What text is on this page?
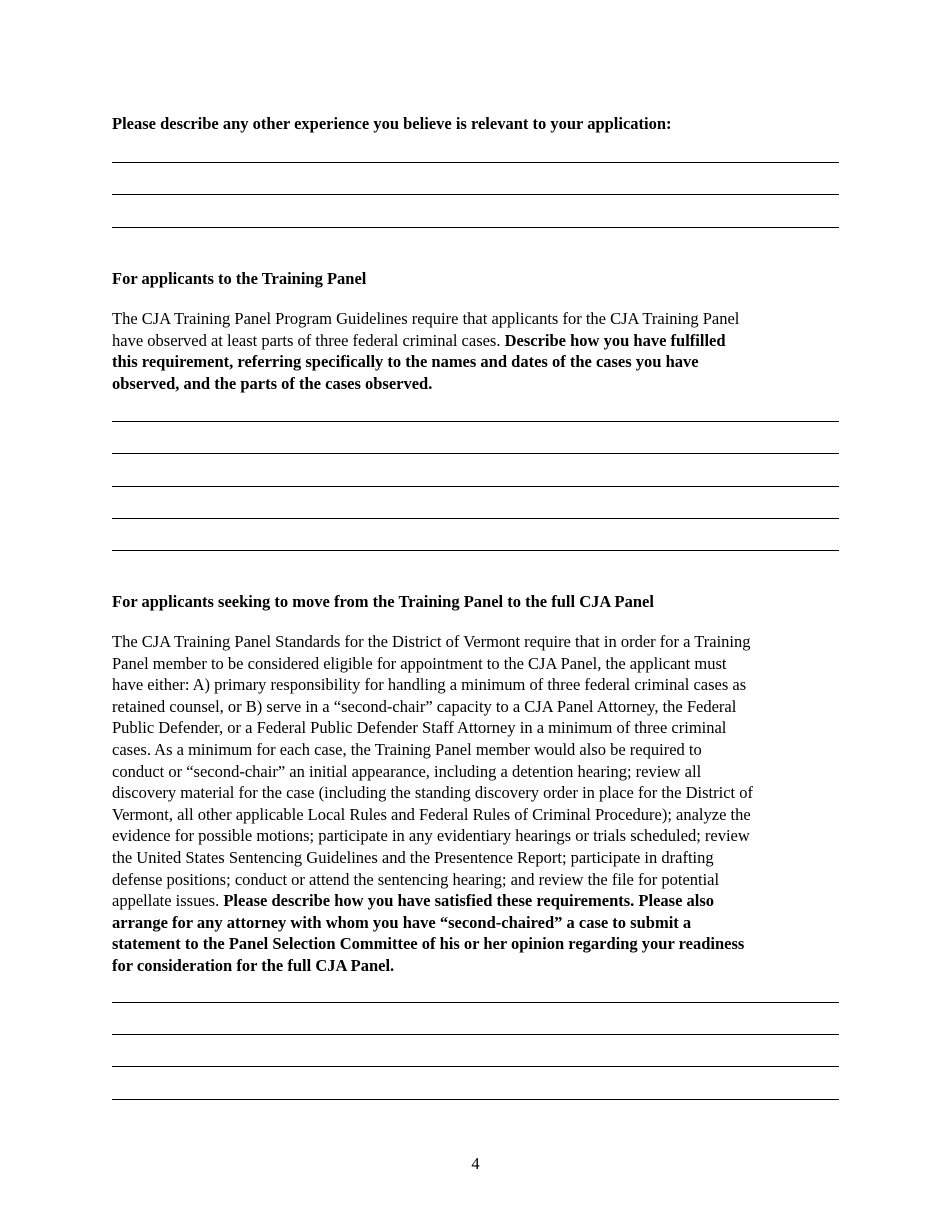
Please describe any other experience you believe is relevant to your application:

For applicants to the Training Panel

The CJA Training Panel Program Guidelines require that applicants for the CJA Training Panel
have observed at least parts of three federal criminal cases. Describe how you have fulfilled
this requirement, referring specifically to the names and dates of the cases you have
observed, and the parts of the cases observed.

For applicants seeking to move from the Training Panel to the full CJA Panel

The CJA Training Panel Standards for the District of Vermont require that in order for a Training
Panel member to be considered eligible for appointment to the CJA Panel, the applicant must
have either: A) primary responsibility for handling a minimum of three federal criminal cases as
retained counsel, or B) serve in a “second-chair” capacity to a CJA Panel Attorney, the Federal
Public Defender, or a Federal Public Defender Staff Attorney in a minimum of three criminal
cases. As a minimum for each case, the Training Panel member would also be required to
conduct or “second-chair” an initial appearance, including a detention hearing; review all
discovery material for the case (including the standing discovery order in place for the District of
Vermont, all other applicable Local Rules and Federal Rules of Criminal Procedure); analyze the
evidence for possible motions; participate in any evidentiary hearings or trials scheduled; review
the United States Sentencing Guidelines and the Presentence Report; participate in drafting
defense positions; conduct or attend the sentencing hearing; and review the file for potential
appellate issues. Please describe how you have satisfied these requirements. Please also
arrange for any attorney with whom you have “second-chaired” a case to submit a
statement to the Panel Selection Committee of his or her opinion regarding your readiness
for consideration for the full CJA Panel.

4
